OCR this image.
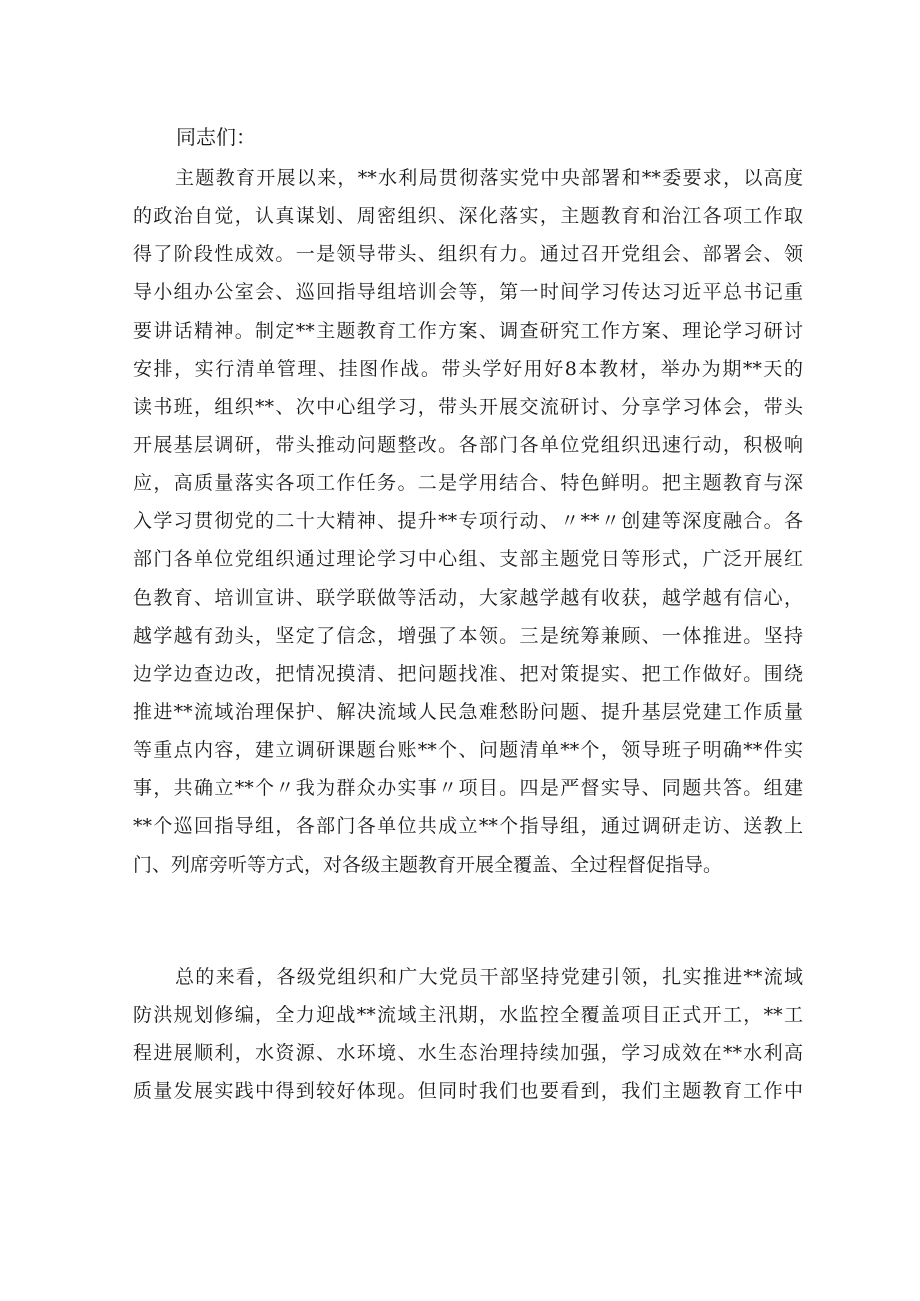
同志们：
主题教育开展以来，**水利局贯彻落实党中央部署和**委要求，以高度
的政治自觉，认真谋划、周密组织、深化落实，主题教育和治江各项工作取
得了阶段性成效。一是领导带头、组织有力。通过召开党组会、部署会、领
导小组办公室会、巡回指导组培训会等，第一时间学习传达习近平总书记重
要讲话精神。制定**主题教育工作方案、调查研究工作方案、理论学习研讨
安排，实行清单管理、挂图作战。带头学好用好8本教材，举办为期**天的
读书班，组织**、次中心组学习，带头开展交流研讨、分享学习体会，带头
开展基层调研，带头推动问题整改。各部门各单位党组织迅速行动，积极响
应，高质量落实各项工作任务。二是学用结合、特色鲜明。把主题教育与深
入学习贯彻党的二十大精神、提升**专项行动、〃**〃创建等深度融合。各
部门各单位党组织通过理论学习中心组、支部主题党日等形式，广泛开展红
色教育、培训宣讲、联学联做等活动，大家越学越有收获，越学越有信心，
越学越有劲头，坚定了信念，增强了本领。三是统筹兼顾、一体推进。坚持
边学边查边改，把情况摸清、把问题找准、把对策提实、把工作做好。围绕
推进**流域治理保护、解决流域人民急难愁盼问题、提升基层党建工作质量
等重点内容，建立调研课题台账**个、问题清单**个，领导班子明确**件实
事，共确立**个〃我为群众办实事〃项目。四是严督实导、同题共答。组建
**个巡回指导组，各部门各单位共成立**个指导组，通过调研走访、送教上
门、列席旁听等方式，对各级主题教育开展全覆盖、全过程督促指导。
总的来看，各级党组织和广大党员干部坚持党建引领，扎实推进**流域
防洪规划修编，全力迎战**流域主汛期，水监控全覆盖项目正式开工，**工
程进展顺利，水资源、水环境、水生态治理持续加强，学习成效在**水利高
质量发展实践中得到较好体现。但同时我们也要看到，我们主题教育工作中
